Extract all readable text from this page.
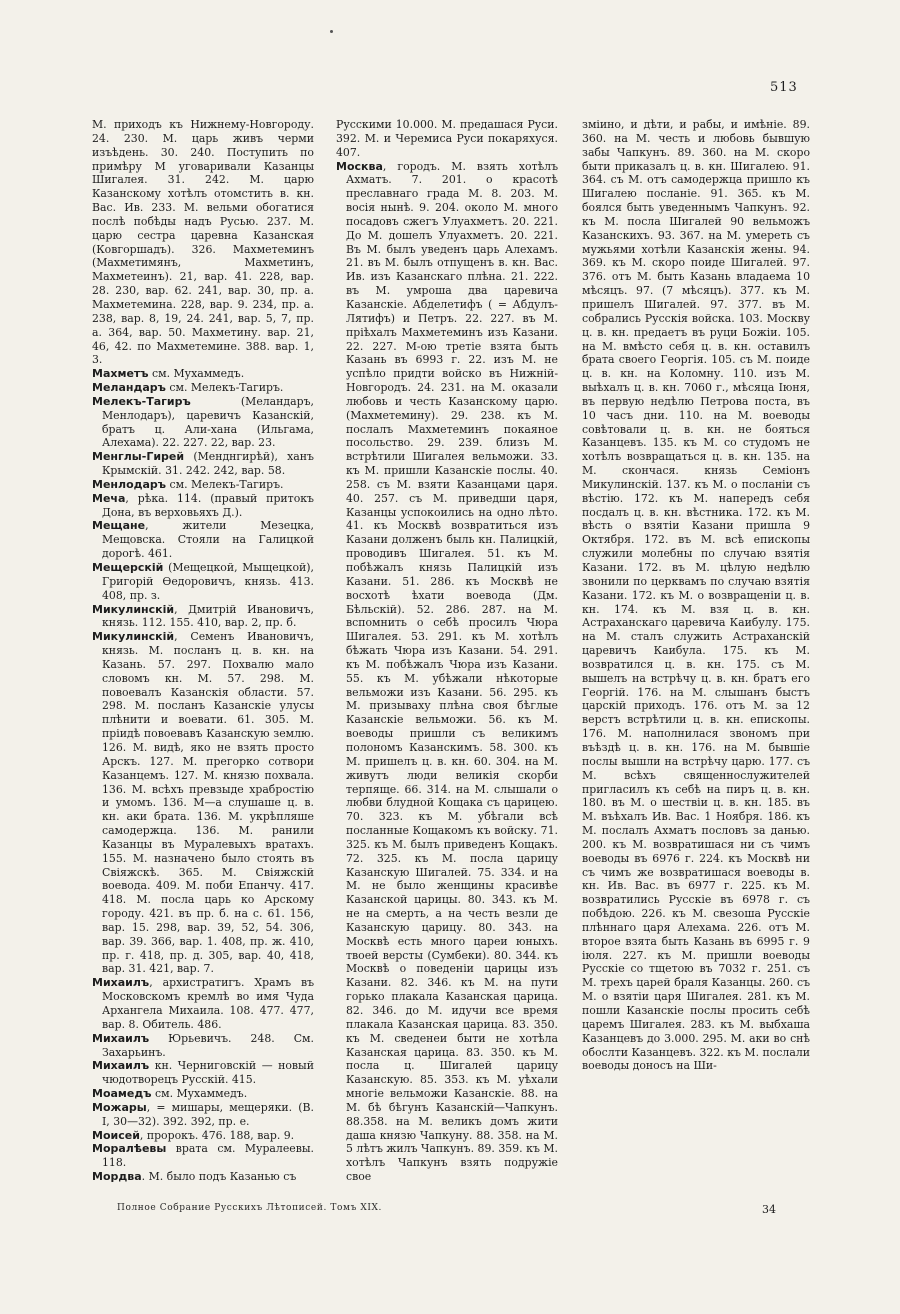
513

М. приходъ къ Нижнему-Новгороду. 24. 230. М. царь живъ черми изъѣдень. 30. 240. Поступить по примѣру М уговаривали Казанцы Шигалея. 31. 242. М. царю Казанскому хотѣлъ отомстить в. кн. Вас. Ив. 233. М. вельми обогатися послѣ побѣды надъ Русью. 237. М. царю сестра царевна Казанская (Ковгоршадъ). 326. Махметеминъ (Махметимянъ, Махметинъ, Махметеинъ). 21, вар. 41. 228, вар. 28. 230, вар. 62. 241, вар. 30, пр. а. Махметемина. 228, вар. 9. 234, пр. а. 238, вар. 8, 19, 24. 241, вар. 5, 7, пр. а. 364, вар. 50. Махметину. вар. 21, 46, 42. по Махметемине. 388. вар. 1, 3.

Махметъ см. Мухаммедъ.

Меландаръ см. Мелекъ-Тагиръ.

Мелекъ-Тагиръ (Меландаръ, Менлодаръ), царевичъ Казанскій, братъ ц. Али-хана (Ильгама, Алехама). 22. 227. 22, вар. 23.

Менглы-Гирей (Менднгирѣй), ханъ Крымскій. 31. 242. 242, вар. 58.

Менлодаръ см. Мелекъ-Тагиръ.

Меча, рѣка. 114. (правый притокъ Дона, въ верховьяхъ Д.).

Мещане, жители Мезецка, Мещовска. Стояли на Галицкой дорогѣ. 461.

Мещерскій (Мещецкой, Мыщецкой), Григорій Ѳедоровичъ, князь. 413. 408, пр. з.

Микулинскій, Дмитрій Ивановичъ, князь. 112. 155. 410, вар. 2, пр. б.

Микулинскій, Семенъ Ивановичъ, князь. М. посланъ ц. в. кн. на Казань. 57. 297. Похвалю мало словомъ кн. М. 57. 298. М. повоевалъ Казанскія области. 57. 298. М. посланъ Казанскіе улусы плѣнити и воевати. 61. 305. М. пріидѣ повоевавъ Казанскую землю. 126. М. видѣ, яко не взять просто Арскъ. 127. М. прегорко сотвори Казанцемъ. 127. М. князю похвала. 136. М. всѣхъ превзыде храбростію и умомъ. 136. М—а слушаше ц. в. кн. аки брата. 136. М. укрѣпляше самодержца. 136. М. ранили Казанцы въ Муралевыхъ вратахъ. 155. М. назначено было стоять въ Свіяжскѣ. 365. М. Свіяжскій воевода. 409. М. поби Епанчу. 417. 418. М. посла царь ко Арскому городу. 421. въ пр. б. на с. 61. 156, вар. 15. 298, вар. 39, 52, 54. 306, вар. 39. 366, вар. 1. 408, пр. ж. 410, пр. г. 418, пр. д. 305, вар. 40, 418, вар. 31. 421, вар. 7.

Михаилъ, архистратигъ. Храмъ въ Московскомъ кремлѣ во имя Чуда Архангела Михаила. 108. 477. 477, вар. 8. Обитель. 486.

Михаилъ Юрьевичъ. 248. См. Захарьинъ.

Михаилъ кн. Черниговскій — новый чюдотворецъ Русскій. 415.

Моамедъ см. Мухаммедъ.

Можары, = мишары, мещеряки. (В. I, 30—32). 392. 392, пр. е.

Моисей, пророкъ. 476. 188, вар. 9.

Моралѣевы врата см. Муралеевы. 118.

Мордва. М. было подъ Казанью съ

Русскими 10.000. М. предашася Руси. 392. М. и Черемиса Руси покаряхуся. 407.

Москва, городъ. М. взять хотѣлъ Ахматъ. 7. 201. о красотѣ преславнаго града М. 8. 203. М. восія нынѣ. 9. 204. около М. много посадовъ сжегъ Улуахметъ. 20. 221. До М. дошелъ Улуахметъ. 20. 221. Въ М. былъ уведенъ царь Алехамъ. 21. въ М. былъ отпущенъ в. кн. Вас. Ив. изъ Казанскаго плѣна. 21. 222. въ М. умроша два царевича Казанскіе. Абделетифъ ( = Абдулъ-Лятифъ) и Петръ. 22. 227. въ М. пріѣхалъ Махметеминъ изъ Казани. 22. 227. М-ою третіе взята быть Казань въ 6993 г. 22. изъ М. не успѣло придти войско въ Нижній-Новгородъ. 24. 231. на М. оказали любовь и честь Казанскому царю. (Махметемину). 29. 238. къ М. послалъ Махметеминъ покаяное посольство. 29. 239. близъ М. встрѣтили Шигалея вельможи. 33. къ М. пришли Казанскіе послы. 40. 258. съ М. взяти Казанцами царя. 40. 257. съ М. приведши царя, Казанцы успокоились на одно лѣто. 41. къ Москвѣ возвратиться изъ Казани долженъ быль кн. Палицкій, проводивъ Шигалея. 51. къ М. побѣжалъ князь Палицкій изъ Казани. 51. 286. къ Москвѣ не восхотѣ ѣхати воевода (Дм. Бѣльскій). 52. 286. 287. на М. вспомнить о себѣ просилъ Чюра Шигалея. 53. 291. къ М. хотѣлъ бѣжать Чюра изъ Казани. 54. 291. къ М. побѣжалъ Чюра изъ Казани. 55. къ М. убѣжали нѣкоторые вельможи изъ Казани. 56. 295. къ М. призываху плѣна своя бѣглые Казанскіе вельможи. 56. къ М. воеводы пришли съ великимъ полономъ Казанскимъ. 58. 300. къ М. пришелъ ц. в. кн. 60. 304. на М. живутъ люди великія скорби терпяще. 66. 314. на М. слышали о любви блудной Кощака съ царицею. 70. 323. къ М. убѣгали всѣ посланные Кощакомъ къ войску. 71. 325. къ М. былъ приведенъ Кощакъ. 72. 325. къ М. посла царицу Казанскую Шигалей. 75. 334. и на М. не было женщины красивѣе Казанской царицы. 80. 343. къ М. не на смерть, а на честь везли де Казанскую царицу. 80. 343. на Москвѣ есть много цареи юныхъ. твоей версты (Сумбеки). 80. 344. къ Москвѣ о поведеніи царицы изъ Казани. 82. 346. къ М. на пути горько плакала Казанская царица. 82. 346. до М. идучи все время плакала Казанская царица. 83. 350. къ М. сведенеи быти не хотѣла Казанская царица. 83. 350. къ М. посла ц. Шигалей царицу Казанскую. 85. 353. къ М. уѣхали многіе вельможи Казанскіе. 88. на М. бѣ бѣгунъ Казанскій—Чапкунъ. 88.358. на М. великъ домъ жити даша князю Чапкуну. 88. 358. на М. 5 лѣтъ жилъ Чапкунъ. 89. 359. къ М. хотѣлъ Чапкунъ взять подружіе свое

зміино, и дѣти, и рабы, и имѣніе. 89. 360. на М. честь и любовь бывшую забы Чапкунъ. 89. 360. на М. скоро быти приказалъ ц. в. кн. Шигалею. 91. 364. съ М. отъ самодержца пришло къ Шигалею посланіе. 91. 365. къ М. боялся быть уведеннымъ Чапкунъ. 92. къ М. посла Шигалей 90 вельможъ Казанскихъ. 93. 367. на М. умереть съ мужьями хотѣли Казанскія жены. 94. 369. къ М. скоро поиде Шигалей. 97. 376. отъ М. быть Казань владаема 10 мѣсяцъ. 97. (7 мѣсяцъ). 377. къ М. пришелъ Шигалей. 97. 377. въ М. собрались Русскія войска. 103. Москву ц. в. кн. предаетъ въ руци Божіи. 105. на М. вмѣсто себя ц. в. кн. оставилъ брата своего Георгія. 105. съ М. поиде ц. в. кн. на Коломну. 110. изъ М. выѣхалъ ц. в. кн. 7060 г., мѣсяца Іюня, въ первую недѣлю Петрова поста, въ 10 часъ дни. 110. на М. воеводы совѣтовали ц. в. кн. не бояться Казанцевъ. 135. къ М. со студомъ не хотѣлъ возвращаться ц. в. кн. 135. на М. скончася. князь Семіонъ Микулинскій. 137. къ М. о посланіи съ вѣстію. 172. къ М. напередъ себя посдалъ ц. в. кн. вѣстника. 172. къ М. вѣсть о взятіи Казани пришла 9 Октября. 172. въ М. всѣ епископы служили молебны по случаю взятія Казани. 172. въ М. цѣлую недѣлю звонили по церквамъ по случаю взятія Казани. 172. къ М. о возвращеніи ц. в. кн. 174. къ М. взя ц. в. кн. Астраханскаго царевича Каибулу. 175. на М. сталъ служить Астраханскій царевичъ Каибула. 175. къ М. возвратился ц. в. кн. 175. съ М. вышелъ на встрѣчу ц. в. кн. братъ его Георгій. 176. на М. слышанъ быстъ царскій приходъ. 176. отъ М. за 12 верстъ встрѣтили ц. в. кн. епископы. 176. М. наполнилася звономъ при въѣздѣ ц. в. кн. 176. на М. бывшіе послы вышли на встрѣчу царю. 177. съ М. всѣхъ священнослужителей пригласилъ къ себѣ на пиръ ц. в. кн. 180. въ М. о шествіи ц. в. кн. 185. въ М. въѣхалъ Ив. Вас. 1 Ноября. 186. къ М. послалъ Ахматъ пословъ за данью. 200. къ М. возвратишася ни съ чимъ воеводы въ 6976 г. 224. къ Москвѣ ни съ чимъ же возвратишася воеводы в. кн. Ив. Вас. въ 6977 г. 225. къ М. возвратились Русскіе въ 6978 г. съ побѣдою. 226. къ М. свезоша Русскіе плѣннаго царя Алехама. 226. отъ М. второе взята быть Казань въ 6995 г. 9 іюля. 227. къ М. пришли воеводы Русскіе со тщетою въ 7032 г. 251. съ М. трехъ царей браля Казанцы. 260. съ М. о взятіи царя Шигалея. 281. къ М. пошли Казанскіе послы просить себѣ царемъ Шигалея. 283. къ М. выбхаша Казанцевъ до 3.000. 295. М. аки во снѣ обослти Казанцевъ. 322. къ М. послали воеводы доносъ на Ши-

Полное Собрание Русскихъ Лѣтописей. Томъ XIX.	34
